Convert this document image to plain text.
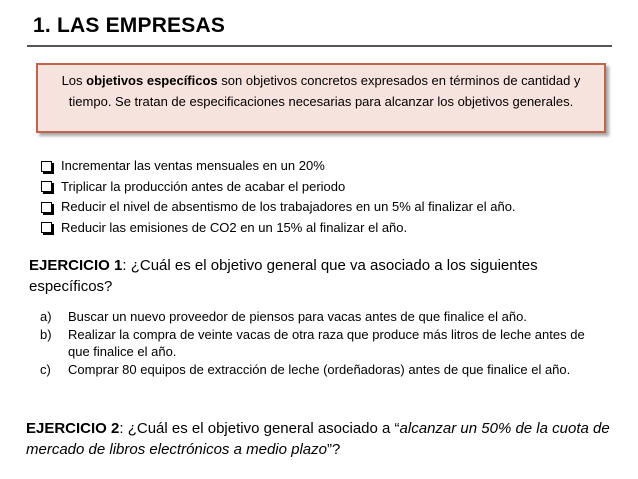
1. LAS EMPRESAS
Los objetivos específicos son objetivos concretos expresados en términos de cantidad y tiempo. Se tratan de especificaciones necesarias para alcanzar los objetivos generales.
Incrementar las ventas mensuales en un 20%
Triplicar la producción antes de acabar el periodo
Reducir el nivel de absentismo de los trabajadores en un 5% al finalizar el año.
Reducir las emisiones de CO2 en un 15% al finalizar el año.
EJERCICIO 1: ¿Cuál es el objetivo general que va asociado a los siguientes específicos?
a)	Buscar un nuevo proveedor de piensos para vacas antes de que finalice el año.
b)	Realizar la compra de veinte vacas de otra raza que produce más litros de leche antes de que finalice el año.
c)	Comprar 80 equipos de extracción de leche (ordeñadoras) antes de que finalice el año.
EJERCICIO 2: ¿Cuál es el objetivo general asociado a “alcanzar un 50% de la cuota de mercado de libros electrónicos a medio plazo”?
